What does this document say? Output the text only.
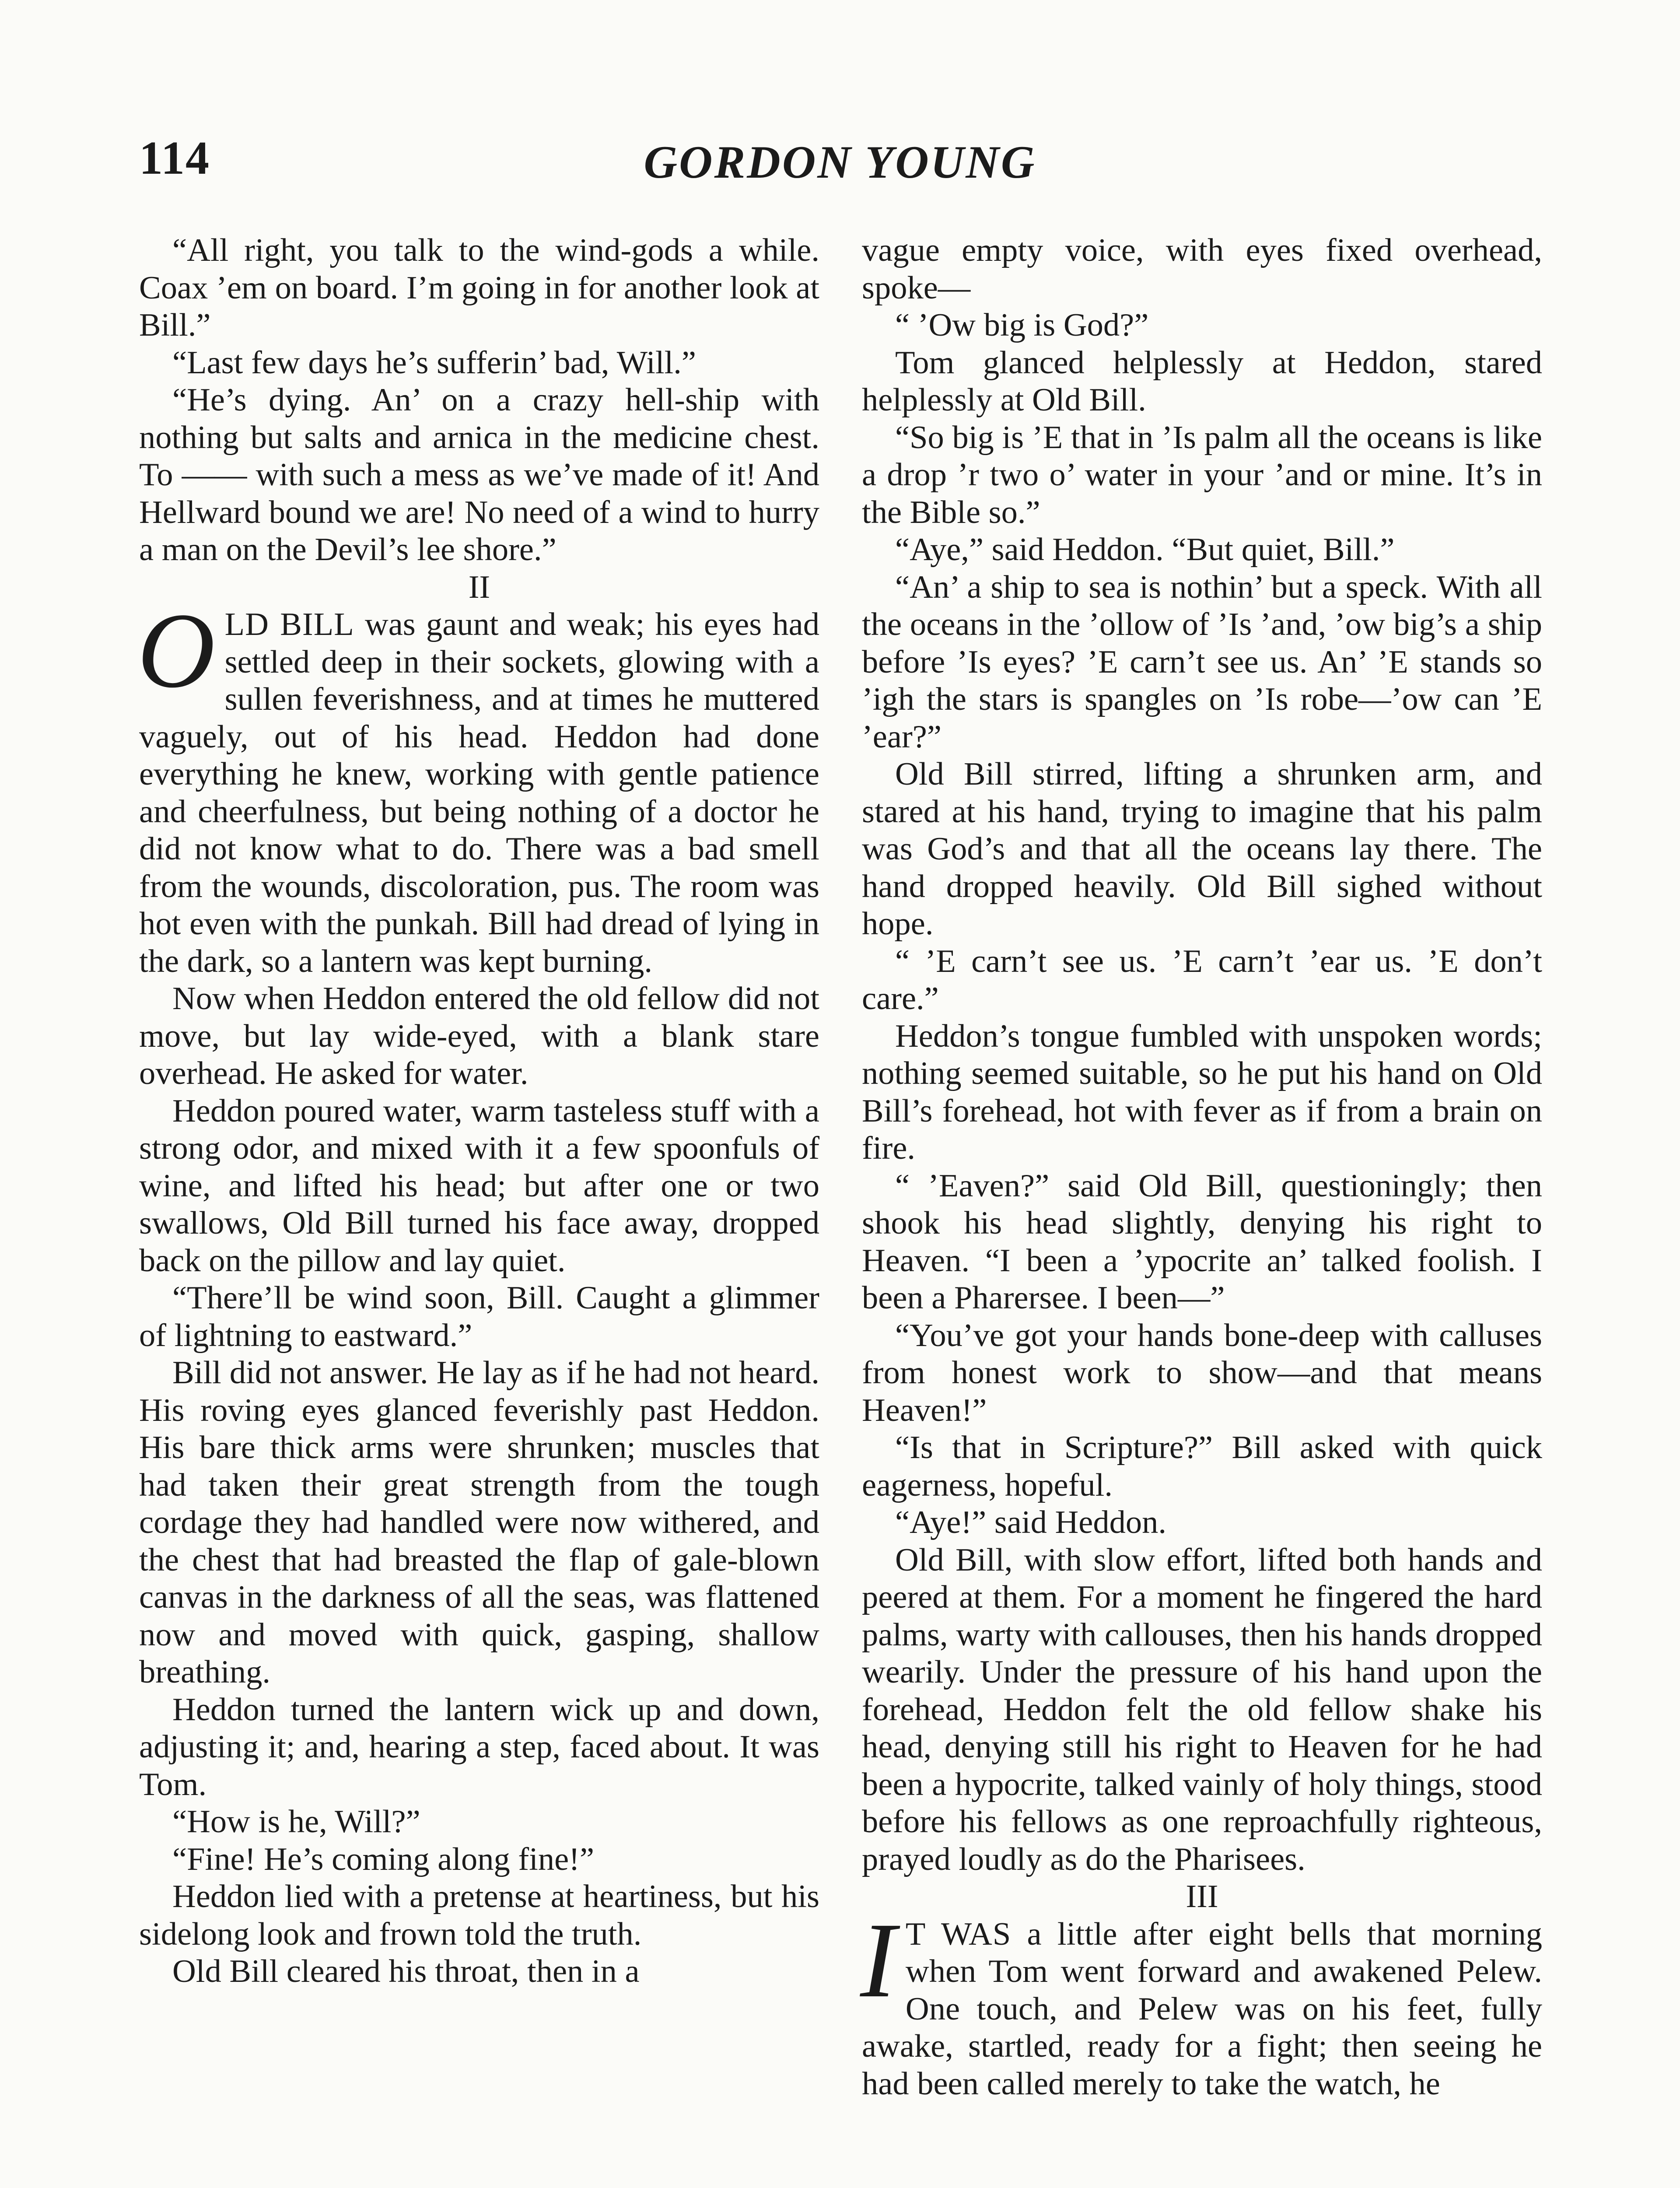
114	GORDON YOUNG

“All right, you talk to the wind-gods a while. Coax ’em on board. I’m going in for another look at Bill.”

“Last few days he’s sufferin’ bad, Will.”

“He’s dying. An’ on a crazy hell-ship with nothing but salts and arnica in the medicine chest. To —— with such a mess as we’ve made of it! And Hellward bound we are! No need of a wind to hurry a man on the Devil’s lee shore.”

II

OLD BILL was gaunt and weak; his eyes had settled deep in their sockets, glowing with a sullen feverishness, and at times he muttered vaguely, out of his head. Heddon had done everything he knew, working with gentle patience and cheerfulness, but being nothing of a doctor he did not know what to do. There was a bad smell from the wounds, discoloration, pus. The room was hot even with the punkah. Bill had dread of lying in the dark, so a lantern was kept burning.

Now when Heddon entered the old fellow did not move, but lay wide-eyed, with a blank stare overhead. He asked for water.

Heddon poured water, warm tasteless stuff with a strong odor, and mixed with it a few spoonfuls of wine, and lifted his head; but after one or two swallows, Old Bill turned his face away, dropped back on the pillow and lay quiet.

“There’ll be wind soon, Bill. Caught a glimmer of lightning to eastward.”

Bill did not answer. He lay as if he had not heard. His roving eyes glanced feverishly past Heddon. His bare thick arms were shrunken; muscles that had taken their great strength from the tough cordage they had handled were now withered, and the chest that had breasted the flap of gale-blown canvas in the darkness of all the seas, was flattened now and moved with quick, gasping, shallow breathing.

Heddon turned the lantern wick up and down, adjusting it; and, hearing a step, faced about. It was Tom.

“How is he, Will?”

“Fine! He’s coming along fine!”

Heddon lied with a pretense at heartiness, but his sidelong look and frown told the truth.

Old Bill cleared his throat, then in a

vague empty voice, with eyes fixed overhead, spoke—

“ ’Ow big is God?”

Tom glanced helplessly at Heddon, stared helplessly at Old Bill.

“So big is ’E that in ’Is palm all the oceans is like a drop ’r two o’ water in your ’and or mine. It’s in the Bible so.”

“Aye,” said Heddon. “But quiet, Bill.”

“An’ a ship to sea is nothin’ but a speck. With all the oceans in the ’ollow of ’Is ’and, ’ow big’s a ship before ’Is eyes? ’E carn’t see us. An’ ’E stands so ’igh the stars is spangles on ’Is robe—’ow can ’E ’ear?”

Old Bill stirred, lifting a shrunken arm, and stared at his hand, trying to imagine that his palm was God’s and that all the oceans lay there. The hand dropped heavily. Old Bill sighed without hope.

“ ’E carn’t see us. ’E carn’t ’ear us. ’E don’t care.”

Heddon’s tongue fumbled with unspoken words; nothing seemed suitable, so he put his hand on Old Bill’s forehead, hot with fever as if from a brain on fire.

“ ’Eaven?” said Old Bill, questioningly; then shook his head slightly, denying his right to Heaven. “I been a ’ypocrite an’ talked foolish. I been a Pharersee. I been—”

“You’ve got your hands bone-deep with calluses from honest work to show—and that means Heaven!”

“Is that in Scripture?” Bill asked with quick eagerness, hopeful.

“Aye!” said Heddon.

Old Bill, with slow effort, lifted both hands and peered at them. For a moment he fingered the hard palms, warty with callouses, then his hands dropped wearily. Under the pressure of his hand upon the forehead, Heddon felt the old fellow shake his head, denying still his right to Heaven for he had been a hypocrite, talked vainly of holy things, stood before his fellows as one reproachfully righteous, prayed loudly as do the Pharisees.

III

I T WAS a little after eight bells that morning when Tom went forward and awakened Pelew. One touch, and Pelew was on his feet, fully awake, startled, ready for a fight; then seeing he had been called merely to take the watch, he
